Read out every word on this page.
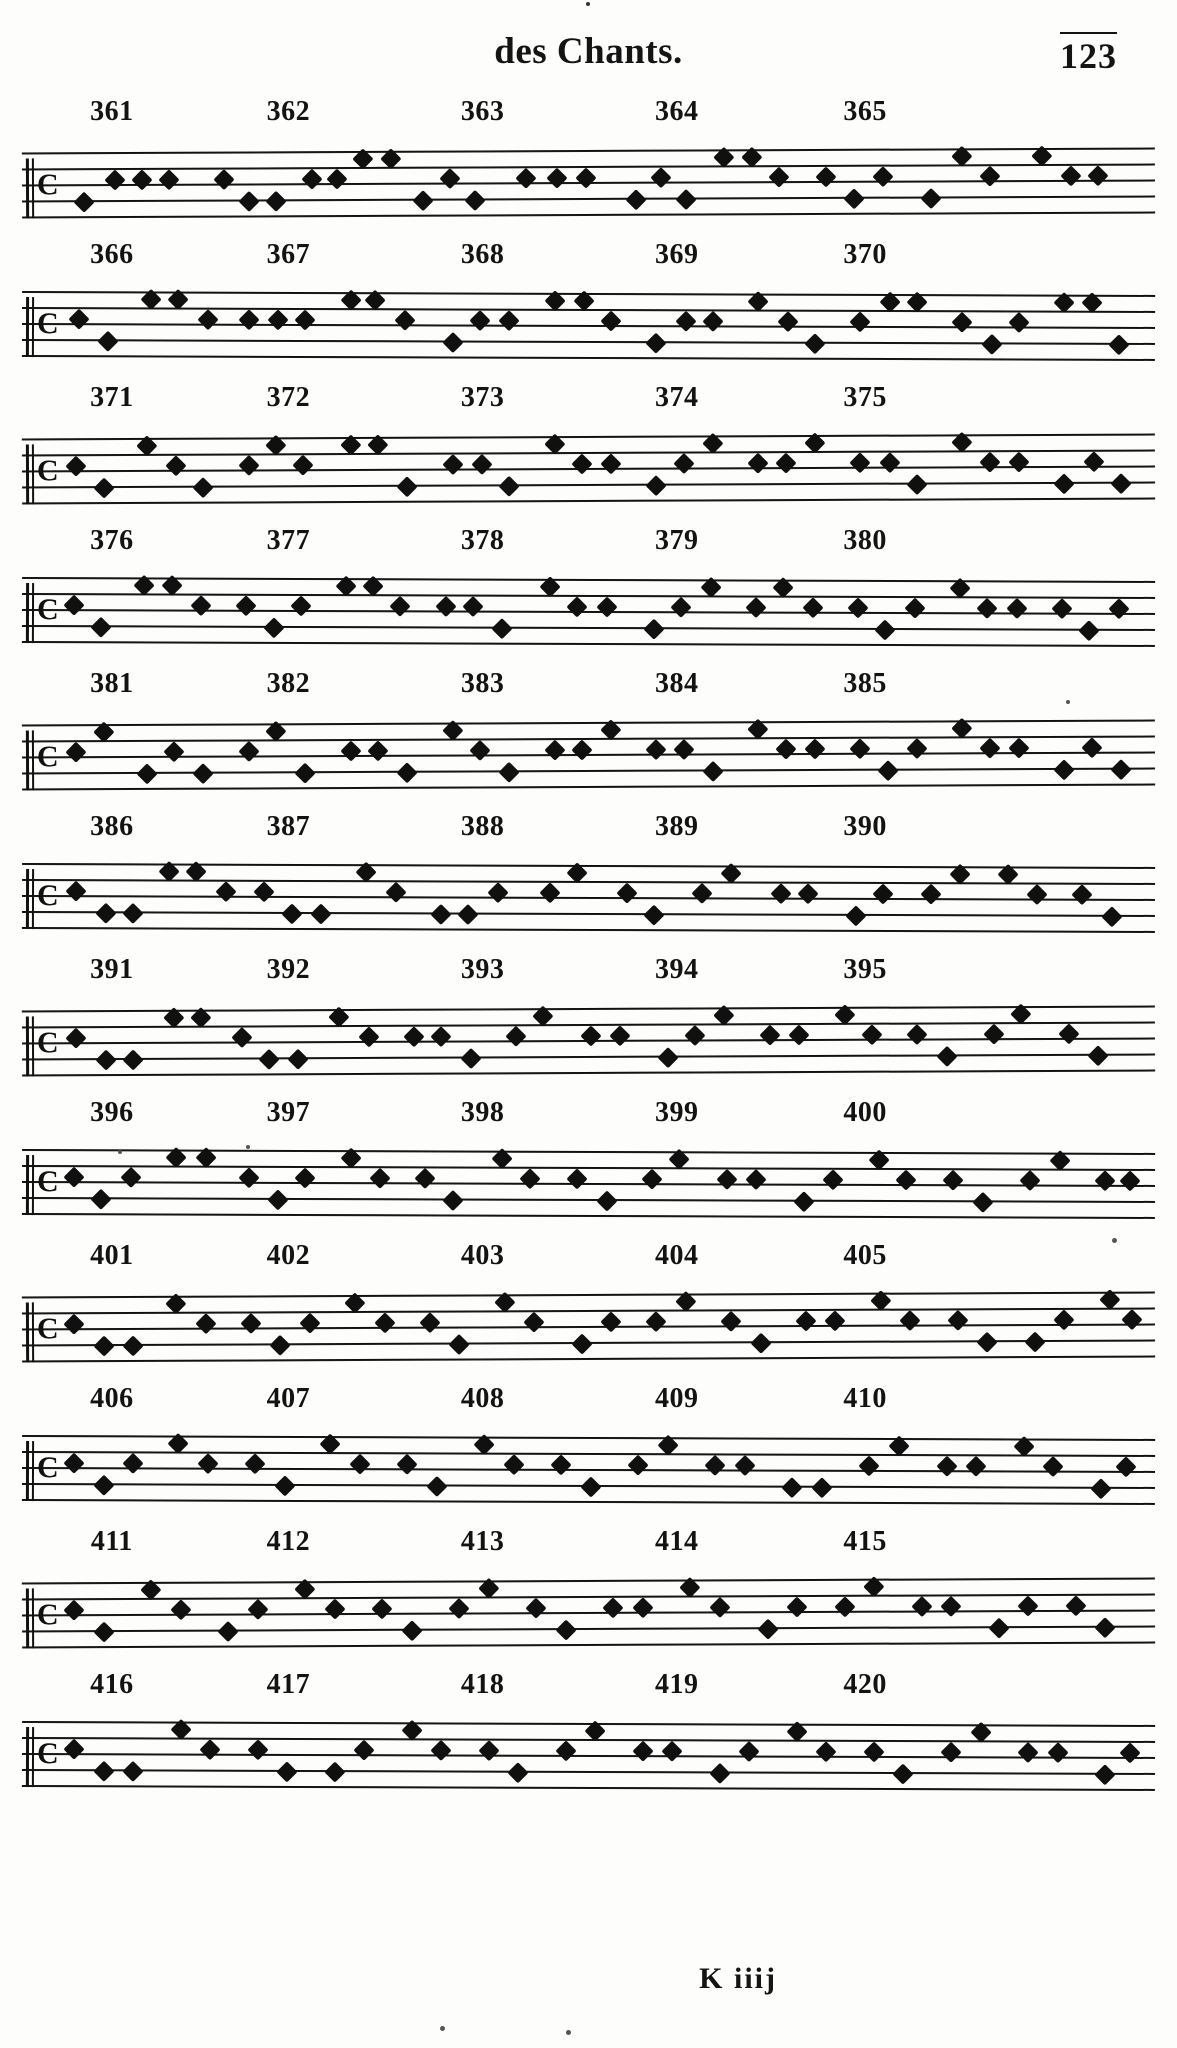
des Chants.	123
361	362	363	364	365
C
366	367	368	369	370
C
371	372	373	374	375
C
376	377	378	379	380
C
381	382	383	384	385
C
386	387	388	389	390
C
391	392	393	394	395
C
396	397	398	399	400
C
401	402	403	404	405
C
406	407	408	409	410
C
411	412	413	414	415
C
416	417	418	419	420
C
K iiij
